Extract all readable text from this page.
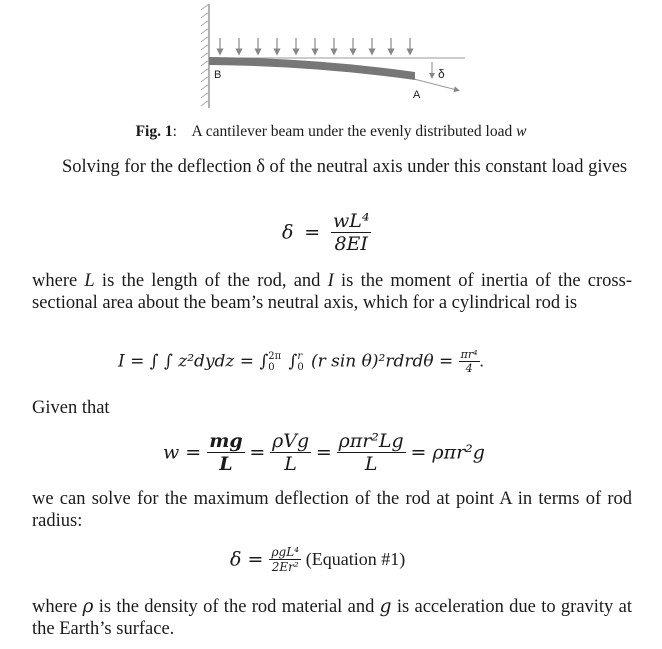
B
A
δ
Fig. 1:    A cantilever beam under the evenly distributed load w
Solving for the deflection δ of the neutral axis under this constant load gives
$\delta = \frac{\text{wL⁴}}{8EI}$
where L is the length of the rod, and I is the moment of inertia of the cross-sectional area about the beam’s neutral axis, which for a cylindrical rod is
I = ∫ ∫ z²dydz = ∫ 2π
0 ∫ r
0 (r sin θ)²rdrdθ = $\frac{\text{πr⁴}}{4}$ .
Given that
$w = \frac{mg}{L} = \frac{\text{ρVg}}{L} = \frac{\text{ρπr²Lg}}{L} = \rho\pi r^2g$
we can solve for the maximum deflection of the rod at point A in terms of rod radius:
$\delta = \frac{\text{ρgL⁴}}{\text{2Er²}}$ (Equation #1)
where ρ is the density of the rod material and g is acceleration due to gravity at the Earth’s surface.
